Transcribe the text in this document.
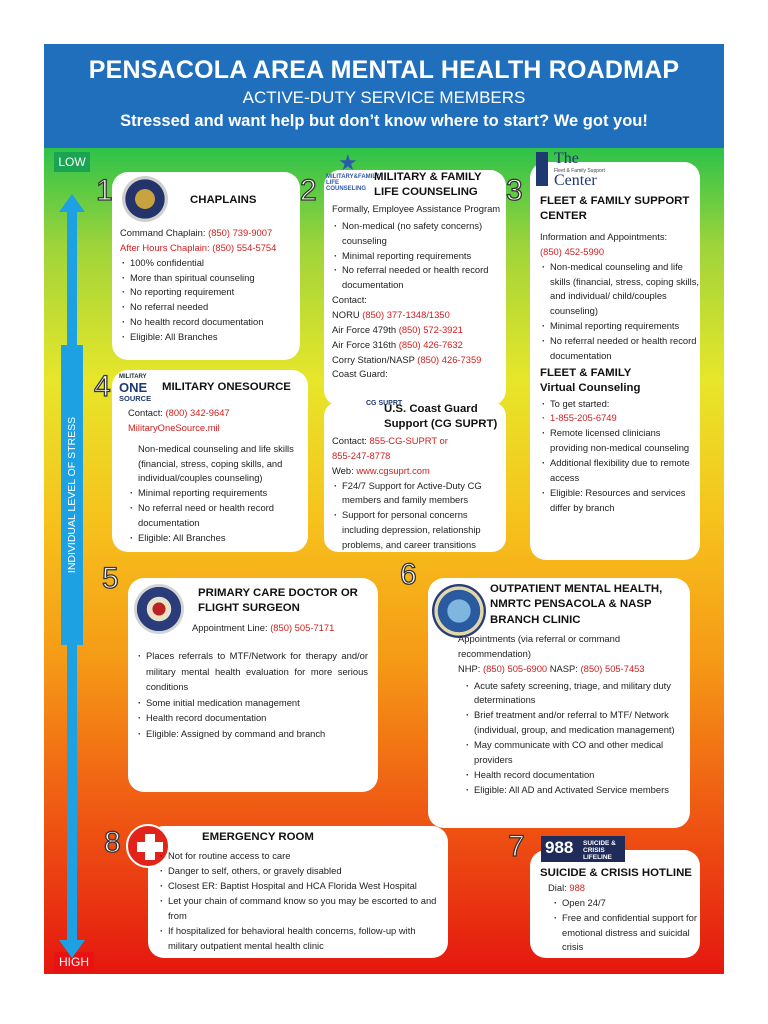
PENSACOLA AREA MENTAL HEALTH ROADMAP
ACTIVE-DUTY SERVICE MEMBERS
Stressed and want help but don’t know where to start? We got you!
LOW
HIGH
INDIVIDUAL LEVEL OF STRESS
1	CHAPLAINS
Command Chaplain: (850) 739-9007
After Hours Chaplain: (850) 554-5754
· 100% confidential
· More than spiritual counseling
· No reporting requirement
· No referral needed
· No health record documentation
· Eligible: All Branches
2
★
MILITARY&FAMILY LIFE COUNSELING
MILITARY & FAMILY LIFE COUNSELING
Formally, Employee Assistance Program
· Non-medical (no safety concerns) counseling
· Minimal reporting requirements
· No referral needed or health record documentation
Contact:
NORU (850) 377-1348/1350
Air Force 479th (850) 572-3921
Air Force 316th (850) 426-7632
Corry Station/NASP (850) 426-7359
Coast Guard:
CG SUPRT
U.S. Coast Guard Support (CG SUPRT)
Contact: 855-CG-SUPRT or
855-247-8778
Web: www.cgsuprt.com
· F24/7 Support for Active-Duty CG members and family members
· Support for personal concerns including depression, relationship problems, and career transitions
3
The
Fleet & Family Support
Center
FLEET & FAMILY SUPPORT CENTER
Information and Appointments:
(850) 452-5990
· Non-medical counseling and life skills (financial, stress, coping skills, and individual/ child/couples counseling)
· Minimal reporting requirements
· No referral needed or health record documentation
FLEET & FAMILY Virtual Counseling
· To get started:
· 1-855-205-6749
· Remote licensed clinicians providing non-medical counseling
· Additional flexibility due to remote access
· Eligible: Resources and services differ by branch
4 MILITARY
ONE
SOURCE
MILITARY ONESOURCE
Contact: (800) 342-9647
MilitaryOneSource.mil
Non-medical counseling and life skills (financial, stress, coping skills, and individual/couples counseling)
· Minimal reporting requirements
· No referral need or health record documentation
· Eligible: All Branches
5	PRIMARY CARE DOCTOR OR FLIGHT SURGEON
Appointment Line: (850) 505-7171
· Places referrals to MTF/Network for therapy and/or military mental health evaluation for more serious conditions
· Some initial medication management
· Health record documentation
· Eligible: Assigned by command and branch
6	OUTPATIENT MENTAL HEALTH, NMRTC PENSACOLA & NASP BRANCH CLINIC
Appointments (via referral or command recommendation)
NHP: (850) 505-6900 NASP: (850) 505-7453
· Acute safety screening, triage, and military duty determinations
· Brief treatment and/or referral to MTF/ Network (individual, group, and medication management)
· May communicate with CO and other medical providers
· Health record documentation
· Eligible: All AD and Activated Service members
7 988 SUICIDE & CRISIS
LIFELINE
SUICIDE & CRISIS HOTLINE
Dial: 988
· Open 24/7
· Free and confidential support for emotional distress and suicidal crisis
8	EMERGENCY ROOM
· Not for routine access to care
· Danger to self, others, or gravely disabled
· Closest ER: Baptist Hospital and HCA Florida West Hospital
· Let your chain of command know so you may be escorted to and from
· If hospitalized for behavioral health concerns, follow-up with military outpatient mental health clinic
